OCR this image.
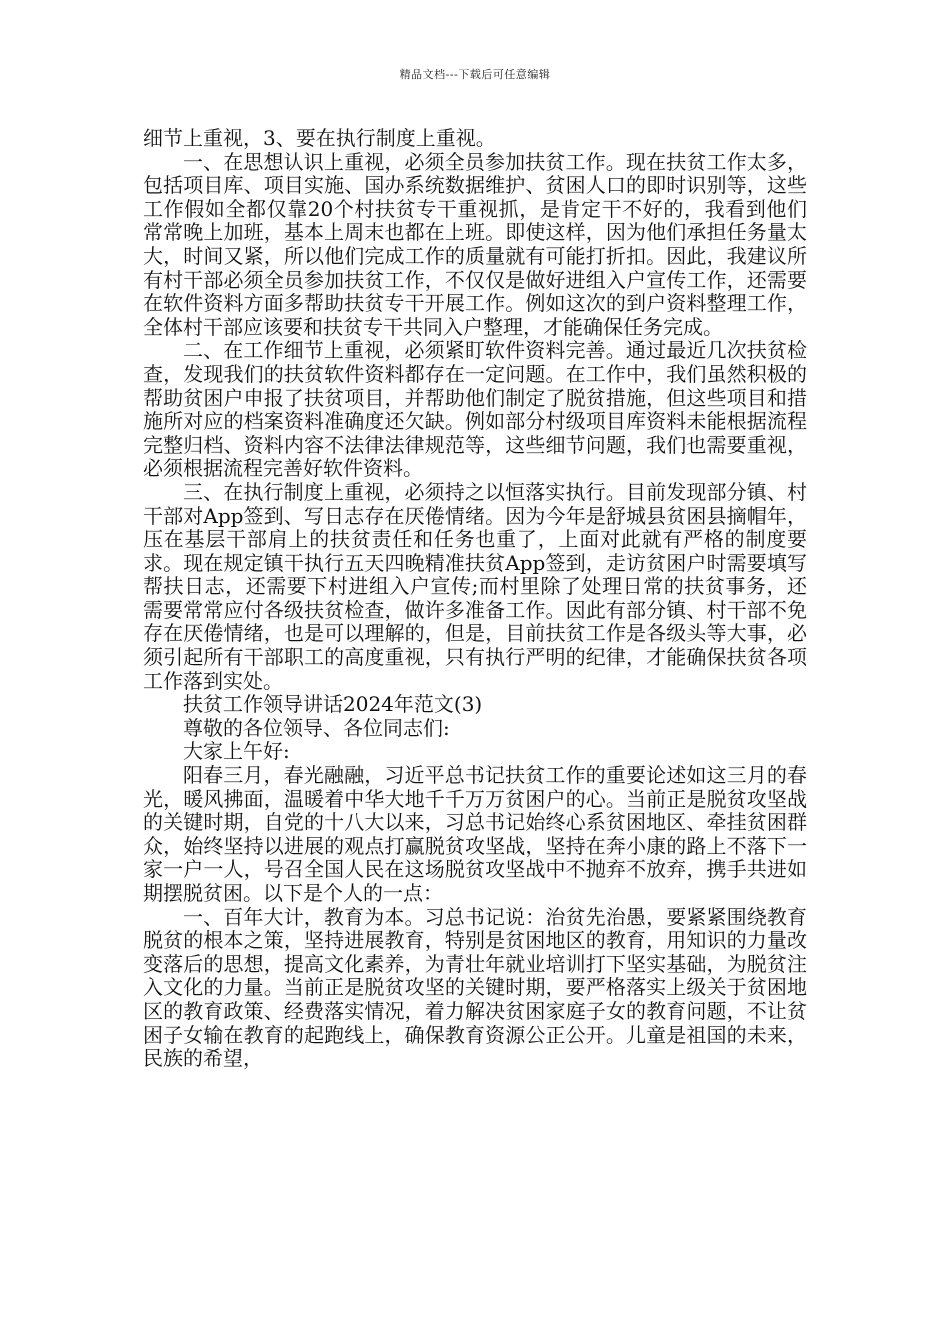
精品文档---下载后可任意编辑

细节上重视，3、要在执行制度上重视。

一、在思想认识上重视，必须全员参加扶贫工作。现在扶贫工作太多，包括项目库、项目实施、国办系统数据维护、贫困人口的即时识别等，这些工作假如全都仅靠20个村扶贫专干重视抓，是肯定干不好的，我看到他们常常晚上加班，基本上周末也都在上班。即使这样，因为他们承担任务量太大，时间又紧，所以他们完成工作的质量就有可能打折扣。因此，我建议所有村干部必须全员参加扶贫工作，不仅仅是做好进组入户宣传工作，还需要在软件资料方面多帮助扶贫专干开展工作。例如这次的到户资料整理工作，全体村干部应该要和扶贫专干共同入户整理，才能确保任务完成。

二、在工作细节上重视，必须紧盯软件资料完善。通过最近几次扶贫检查，发现我们的扶贫软件资料都存在一定问题。在工作中，我们虽然积极的帮助贫困户申报了扶贫项目，并帮助他们制定了脱贫措施，但这些项目和措施所对应的档案资料准确度还欠缺。例如部分村级项目库资料未能根据流程完整归档、资料内容不法律法律规范等，这些细节问题，我们也需要重视，必须根据流程完善好软件资料。

三、在执行制度上重视，必须持之以恒落实执行。目前发现部分镇、村干部对App签到、写日志存在厌倦情绪。因为今年是舒城县贫困县摘帽年，压在基层干部肩上的扶贫责任和任务也重了，上面对此就有严格的制度要求。现在规定镇干执行五天四晚精准扶贫App签到，走访贫困户时需要填写帮扶日志，还需要下村进组入户宣传;而村里除了处理日常的扶贫事务，还需要常常应付各级扶贫检查，做许多准备工作。因此有部分镇、村干部不免存在厌倦情绪，也是可以理解的，但是，目前扶贫工作是各级头等大事，必须引起所有干部职工的高度重视，只有执行严明的纪律，才能确保扶贫各项工作落到实处。

扶贫工作领导讲话2024年范文(3)

尊敬的各位领导、各位同志们:

大家上午好:

阳春三月，春光融融，习近平总书记扶贫工作的重要论述如这三月的春光，暖风拂面，温暖着中华大地千千万万贫困户的心。当前正是脱贫攻坚战的关键时期，自党的十八大以来，习总书记始终心系贫困地区、牵挂贫困群众，始终坚持以进展的观点打赢脱贫攻坚战，坚持在奔小康的路上不落下一家一户一人，号召全国人民在这场脱贫攻坚战中不抛弃不放弃，携手共进如期摆脱贫困。以下是个人的一点：

一、百年大计，教育为本。习总书记说：治贫先治愚，要紧紧围绕教育脱贫的根本之策，坚持进展教育，特别是贫困地区的教育，用知识的力量改变落后的思想，提高文化素养，为青壮年就业培训打下坚实基础，为脱贫注入文化的力量。当前正是脱贫攻坚的关键时期，要严格落实上级关于贫困地区的教育政策、经费落实情况，着力解决贫困家庭子女的教育问题，不让贫困子女输在教育的起跑线上，确保教育资源公正公开。儿童是祖国的未来，民族的希望，
